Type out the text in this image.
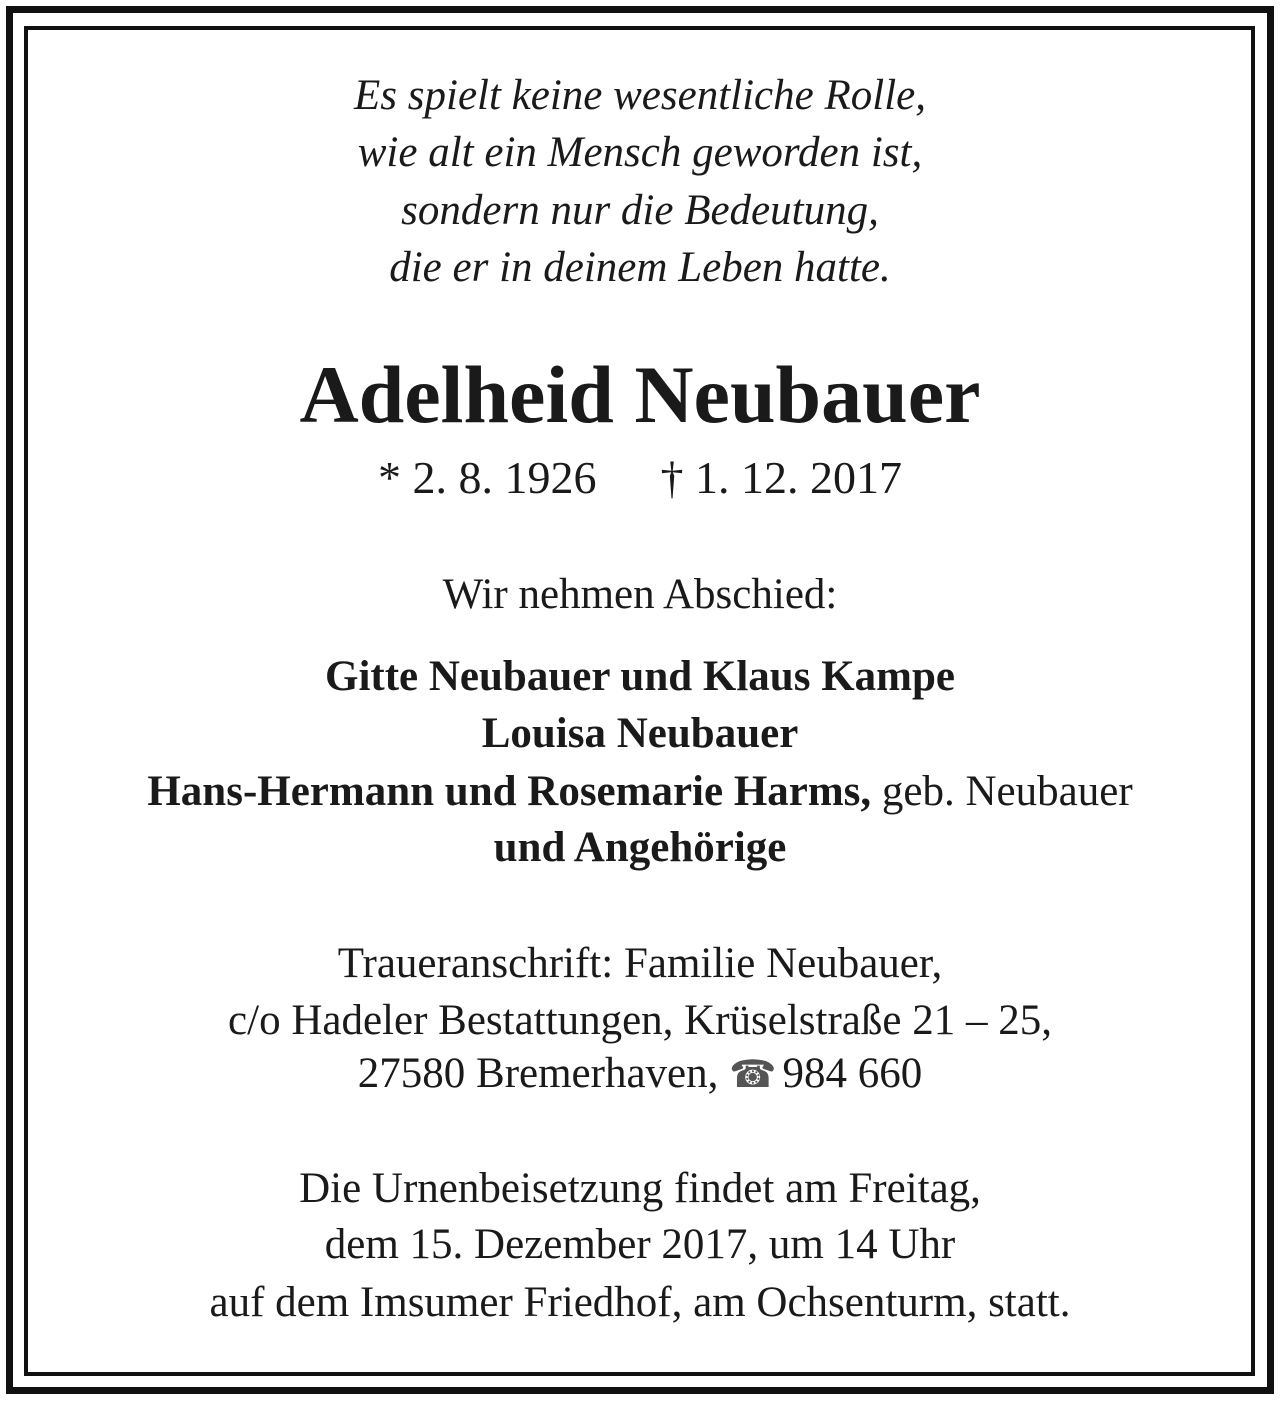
Es spielt keine wesentliche Rolle,
wie alt ein Mensch geworden ist,
sondern nur die Bedeutung,
die er in deinem Leben hatte.
Adelheid Neubauer
* 2. 8. 1926 † 1. 12. 2017
Wir nehmen Abschied:
Gitte Neubauer und Klaus Kampe
Louisa Neubauer
Hans-Hermann und Rosemarie Harms, geb. Neubauer
und Angehörige
Traueranschrift: Familie Neubauer,
c/o Hadeler Bestattungen, Krüselstraße 21 – 25,
27580 Bremerhaven, ☎ 984 660
Die Urnenbeisetzung findet am Freitag,
dem 15. Dezember 2017, um 14 Uhr
auf dem Imsumer Friedhof, am Ochsenturm, statt.
